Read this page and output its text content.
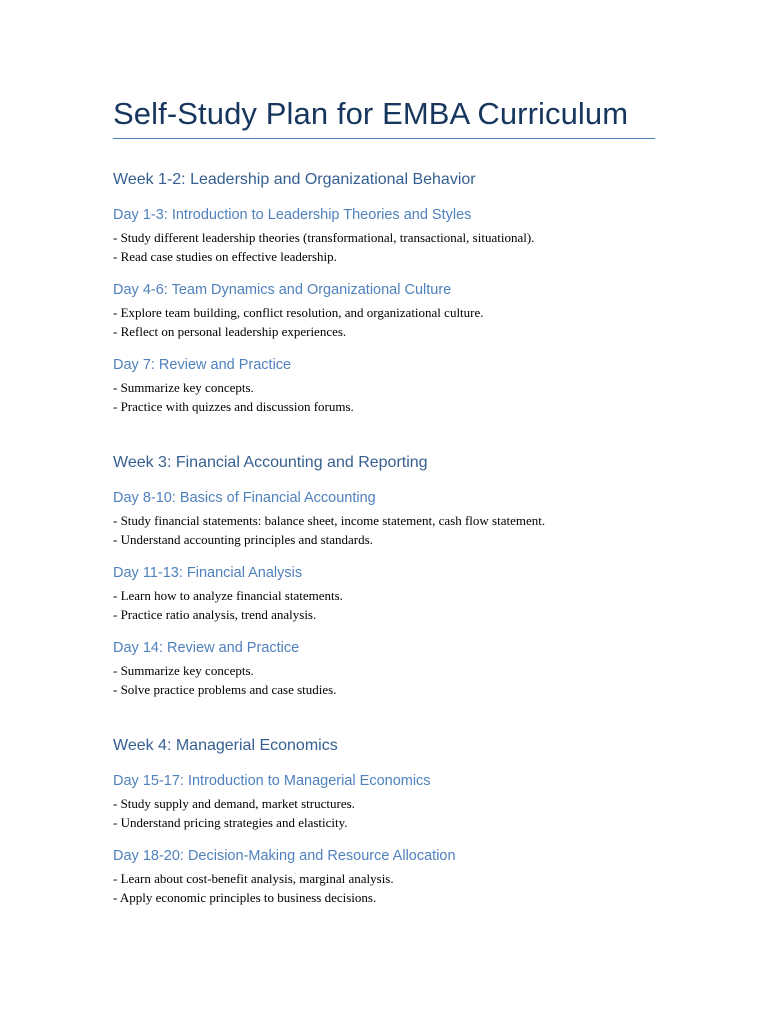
Self-Study Plan for EMBA Curriculum
Week 1-2: Leadership and Organizational Behavior
Day 1-3: Introduction to Leadership Theories and Styles

- Study different leadership theories (transformational, transactional, situational).

- Read case studies on effective leadership.

Day 4-6: Team Dynamics and Organizational Culture

- Explore team building, conflict resolution, and organizational culture.

- Reflect on personal leadership experiences.

Day 7: Review and Practice

- Summarize key concepts.

- Practice with quizzes and discussion forums.

Week 3: Financial Accounting and Reporting
Day 8-10: Basics of Financial Accounting

- Study financial statements: balance sheet, income statement, cash flow statement.

- Understand accounting principles and standards.

Day 11-13: Financial Analysis

- Learn how to analyze financial statements.

- Practice ratio analysis, trend analysis.

Day 14: Review and Practice

- Summarize key concepts.

- Solve practice problems and case studies.

Week 4: Managerial Economics
Day 15-17: Introduction to Managerial Economics

- Study supply and demand, market structures.

- Understand pricing strategies and elasticity.

Day 18-20: Decision-Making and Resource Allocation

- Learn about cost-benefit analysis, marginal analysis.

- Apply economic principles to business decisions.
